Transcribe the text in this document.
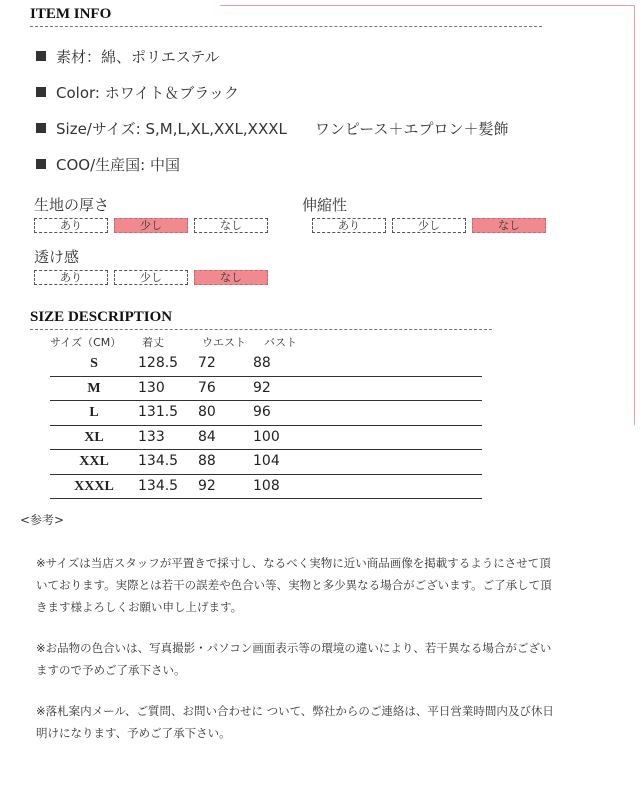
ITEM INFO
素材：綿、ポリエステル
Color: ホワイト＆ブラック
Size/サイズ: S,M,L,XL,XXL,XXXL ワンピース＋エプロン＋髪飾
COO/生産国: 中国
生地の厚さ
あり	少し	なし
伸縮性
あり	少し	なし
透け感
あり	少し	なし
SIZE DESCRIPTION
サイズ（CM）	着丈	ウエスト	バスト
S	128.5	72	88
M	130	76	92
L	131.5	80	96
XL	133	84	100
XXL	134.5	88	104
XXXL	134.5	92	108
<参考>
※サイズは当店スタッフが平置きで採寸し、なるべく実物に近い商品画像を掲載するようにさせて頂いております。実際とは若干の誤差や色合い等、実物と多少異なる場合がございます。ご了承して頂きます様よろしくお願い申し上げます。
※お品物の色合いは、写真撮影・パソコン画面表示等の環境の違いにより、若干異なる場合がございますので予めご了承下さい。
※落札案内メール、ご質問、お問い合わせに ついて、弊社からのご連絡は、平日営業時間内及び休日明けになります、予めご了承下さい。
